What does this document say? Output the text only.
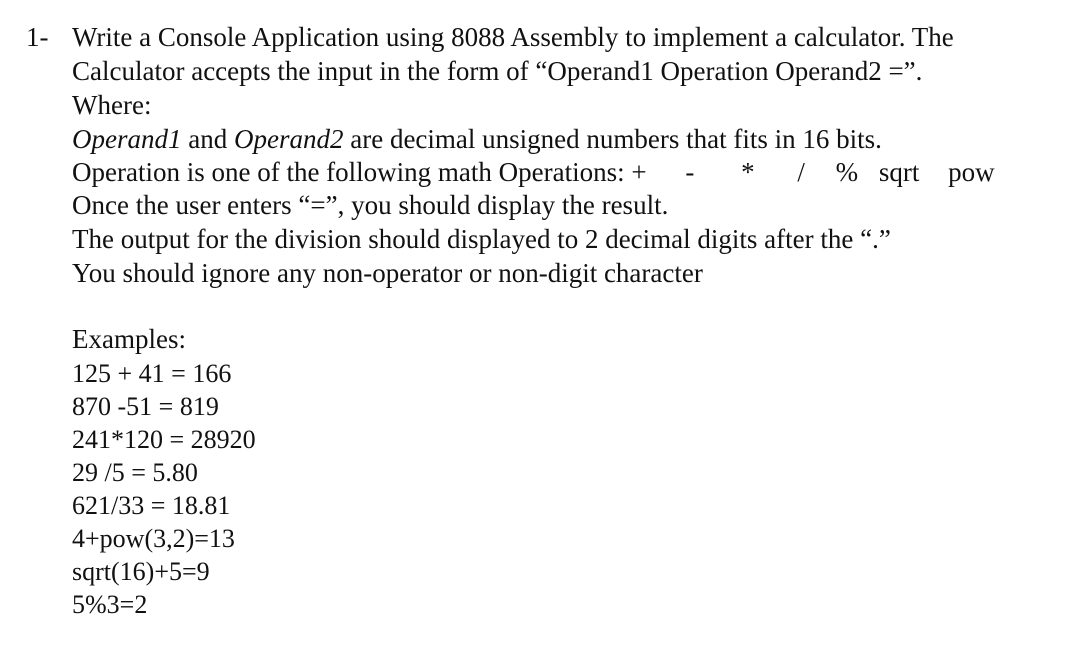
1- Write a Console Application using 8088 Assembly to implement a calculator. The
Calculator accepts the input in the form of “Operand1 Operation Operand2 =”.
Where:
Operand1 and Operand2 are decimal unsigned numbers that fits in 16 bits.
Operation is one of the following math Operations: + - * / % sqrt pow
Once the user enters “=”, you should display the result.
The output for the division should displayed to 2 decimal digits after the “.”
You should ignore any non-operator or non-digit character
Examples:
125 + 41 = 166
870 -51 = 819
241*120 = 28920
29 /5 = 5.80
621/33 = 18.81
4+pow(3,2)=13
sqrt(16)+5=9
5%3=2
